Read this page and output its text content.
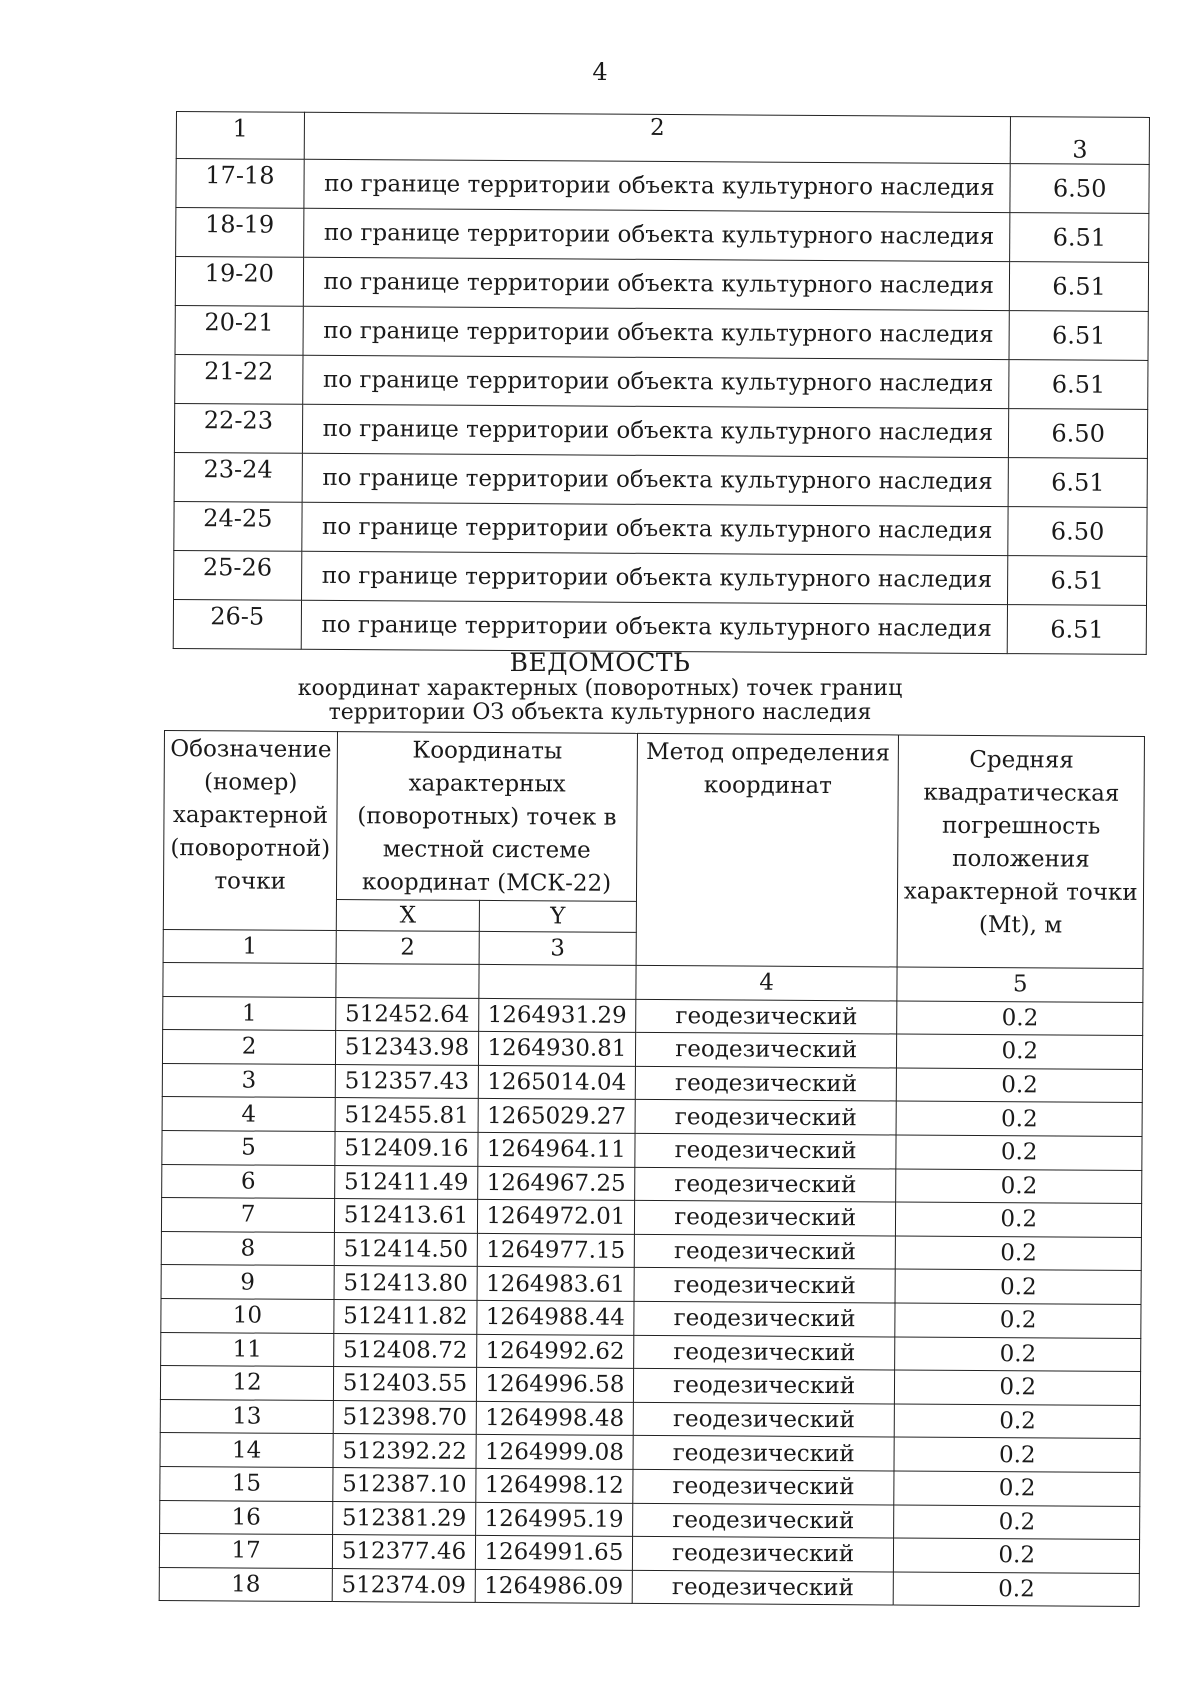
4
1	2	3
17-18	по границе территории объекта культурного наследия	6.50
18-19	по границе территории объекта культурного наследия	6.51
19-20	по границе территории объекта культурного наследия	6.51
20-21	по границе территории объекта культурного наследия	6.51
21-22	по границе территории объекта культурного наследия	6.51
22-23	по границе территории объекта культурного наследия	6.50
23-24	по границе территории объекта культурного наследия	6.51
24-25	по границе территории объекта культурного наследия	6.50
25-26	по границе территории объекта культурного наследия	6.51
26-5	по границе территории объекта культурного наследия	6.51
ВЕДОМОСТЬ
координат характерных (поворотных) точек границ
территории ОЗ объекта культурного наследия
Обозначение (номер) характерной (поворотной) точки	Координаты характерных (поворотных) точек в местной системе координат (МСК-22)		Метод определения координат	Средняя квадратическая погрешность положения характерной точки (Mt), м
	X	Y		
1	2	3		
			4	5
1	512452.64	1264931.29	геодезический	0.2
2	512343.98	1264930.81	геодезический	0.2
3	512357.43	1265014.04	геодезический	0.2
4	512455.81	1265029.27	геодезический	0.2
5	512409.16	1264964.11	геодезический	0.2
6	512411.49	1264967.25	геодезический	0.2
7	512413.61	1264972.01	геодезический	0.2
8	512414.50	1264977.15	геодезический	0.2
9	512413.80	1264983.61	геодезический	0.2
10	512411.82	1264988.44	геодезический	0.2
11	512408.72	1264992.62	геодезический	0.2
12	512403.55	1264996.58	геодезический	0.2
13	512398.70	1264998.48	геодезический	0.2
14	512392.22	1264999.08	геодезический	0.2
15	512387.10	1264998.12	геодезический	0.2
16	512381.29	1264995.19	геодезический	0.2
17	512377.46	1264991.65	геодезический	0.2
18	512374.09	1264986.09	геодезический	0.2
